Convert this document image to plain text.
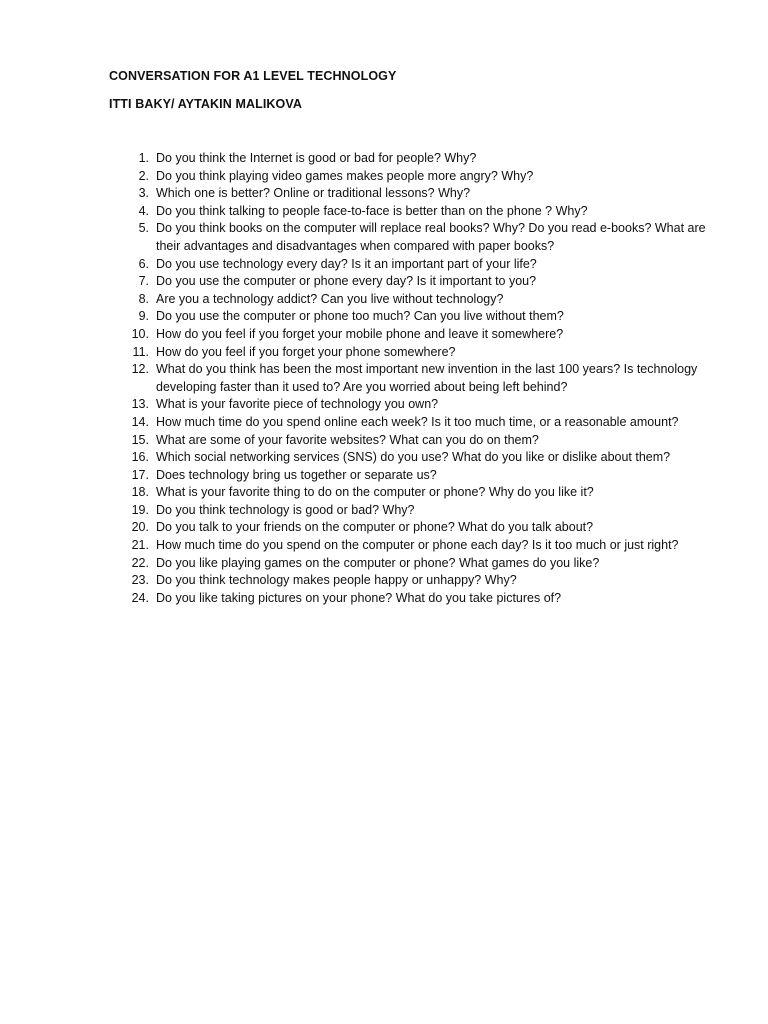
CONVERSATION FOR A1 LEVEL TECHNOLOGY
ITTI BAKY/ AYTAKIN MALIKOVA
1. Do you think the Internet is good or bad for people? Why?
2. Do you think playing video games makes people more angry? Why?
3. Which one is better? Online or traditional lessons? Why?
4. Do you think talking to people face-to-face is better than on the phone ? Why?
5. Do you think books on the computer will replace real books? Why? Do you read e-books? What are their advantages and disadvantages when compared with paper books?
6. Do you use technology every day? Is it an important part of your life?
7. Do you use the computer or phone every day? Is it important to you?
8. Are you a technology addict? Can you live without technology?
9. Do you use the computer or phone too much? Can you live without them?
10. How do you feel if you forget your mobile phone and leave it somewhere?
11. How do you feel if you forget your phone somewhere?
12. What do you think has been the most important new invention in the last 100 years? Is technology developing faster than it used to? Are you worried about being left behind?
13. What is your favorite piece of technology you own?
14. How much time do you spend online each week? Is it too much time, or a reasonable amount?
15. What are some of your favorite websites? What can you do on them?
16. Which social networking services (SNS) do you use? What do you like or dislike about them?
17. Does technology bring us together or separate us?
18. What is your favorite thing to do on the computer or phone? Why do you like it?
19. Do you think technology is good or bad? Why?
20. Do you talk to your friends on the computer or phone? What do you talk about?
21. How much time do you spend on the computer or phone each day? Is it too much or just right?
22. Do you like playing games on the computer or phone? What games do you like?
23. Do you think technology makes people happy or unhappy? Why?
24. Do you like taking pictures on your phone? What do you take pictures of?
